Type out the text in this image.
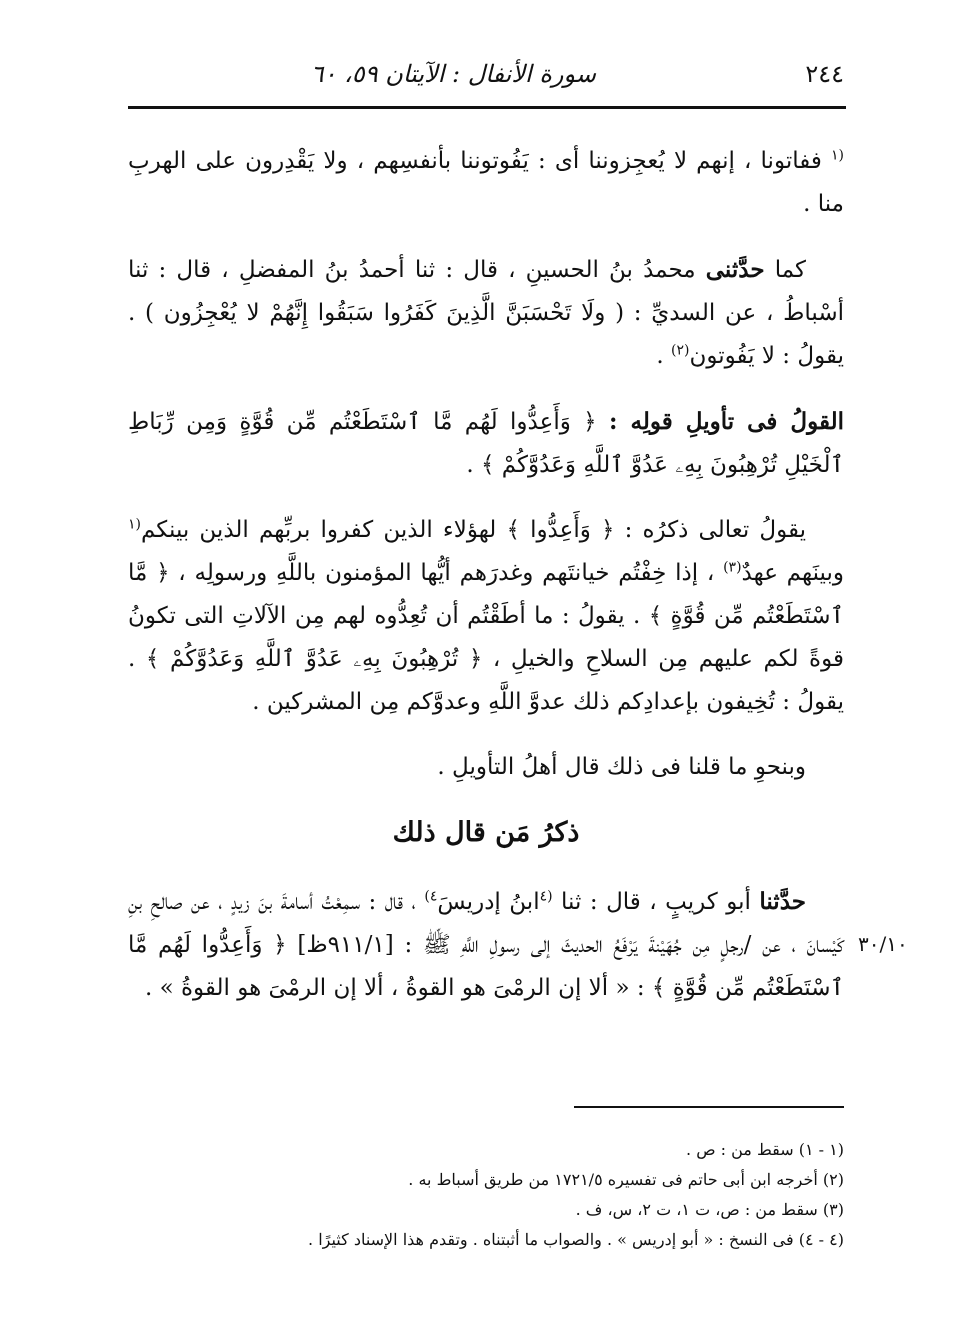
٢٤٤
سورة الأنفال : الآيتان ٥٩، ٦٠
٣٠/١٠

$^{(١}$ ففاتونا ، إنهم لا يُعجِزوننا أى : يَفُوتوننا بأنفسِهم ، ولا يَقْدِرون على الهربِ منا .

كما حدَّثنى محمدُ بنُ الحسينِ ، قال : ثنا أحمدُ بنُ المفضلِ ، قال : ثنا أسْباطُ ، عن السديِّ : ( ولَا تَحْسَبَنَّ الَّذِينَ كَفَرُوا سَبَقُوا إِنَّهُمْ لا يُعْجِزُون ) . يقولُ : لا يَفُوتون$^{(٢)}$ .

القولُ فى تأويلِ قولِه : ﴿ وَأَعِدُّوا لَهُم مَّا ٱسْتَطَعْتُم مِّن قُوَّةٍ وَمِن رِّبَاطِ ٱلْخَيْلِ تُرْهِبُونَ بِهِۦ عَدُوَّ ٱللَّهِ وَعَدُوَّكُمْ ﴾ .

يقولُ تعالى ذكرُه : ﴿ وَأَعِدُّوا ﴾ لهؤلاء الذين كفروا بربِّهم الذين بينكم$^{(١}$ وبينَهم عهدٌ$^{(٣)}$ ، إذا خِفْتُم خيانتَهم وغدرَهم أيُّها المؤمنون باللَّهِ ورسولِه ، ﴿ مَّا ٱسْتَطَعْتُم مِّن قُوَّةٍ ﴾ . يقولُ : ما أطَقْتُم أن تُعِدُّوه لهم مِن الآلاتِ التى تكونُ قوةً لكم عليهم مِن السلاحِ والخيلِ ، ﴿ تُرْهِبُونَ بِهِۦ عَدُوَّ ٱللَّهِ وَعَدُوَّكُمْ ﴾ . يقولُ : تُخِيفون بإعدادِكم ذلك عدوَّ اللَّهِ وعدوَّكم مِن المشركين .

وبنحوِ ما قلنا فى ذلك قال أهلُ التأويلِ .

ذكرُ مَن قال ذلك

حدَّثنا أبو كريبٍ ، قال : ثنا $^{(٤}$ابنُ إدريسَ$^{٤)}$ ، قال : سمِعْتُ أسامةَ بنَ زيدٍ ، عن صالحِ بنِ كَيْسانَ ، عن /رجلٍ مِن جُهَيْنةَ يَرْفَعُ الحديثَ إلى رسولِ اللَّهِ ﷺ : [٩١١/١ظ] ﴿ وَأَعِدُّوا لَهُم مَّا ٱسْتَطَعْتُم مِّن قُوَّةٍ ﴾ : « ألا إن الرمْىَ هو القوةُ ، ألا إن الرمْىَ هو القوةُ » .

(١ - ١) سقط من : ص .

(٢) أخرجه ابن أبى حاتم فى تفسيره ١٧٢١/٥ من طريق أسباط به .

(٣) سقط من : ص، ت ١، ت ٢، س، ف .

(٤ - ٤) فى النسخ : « أبو إدريس » . والصواب ما أثبتناه . وتقدم هذا الإسناد كثيرًا .
